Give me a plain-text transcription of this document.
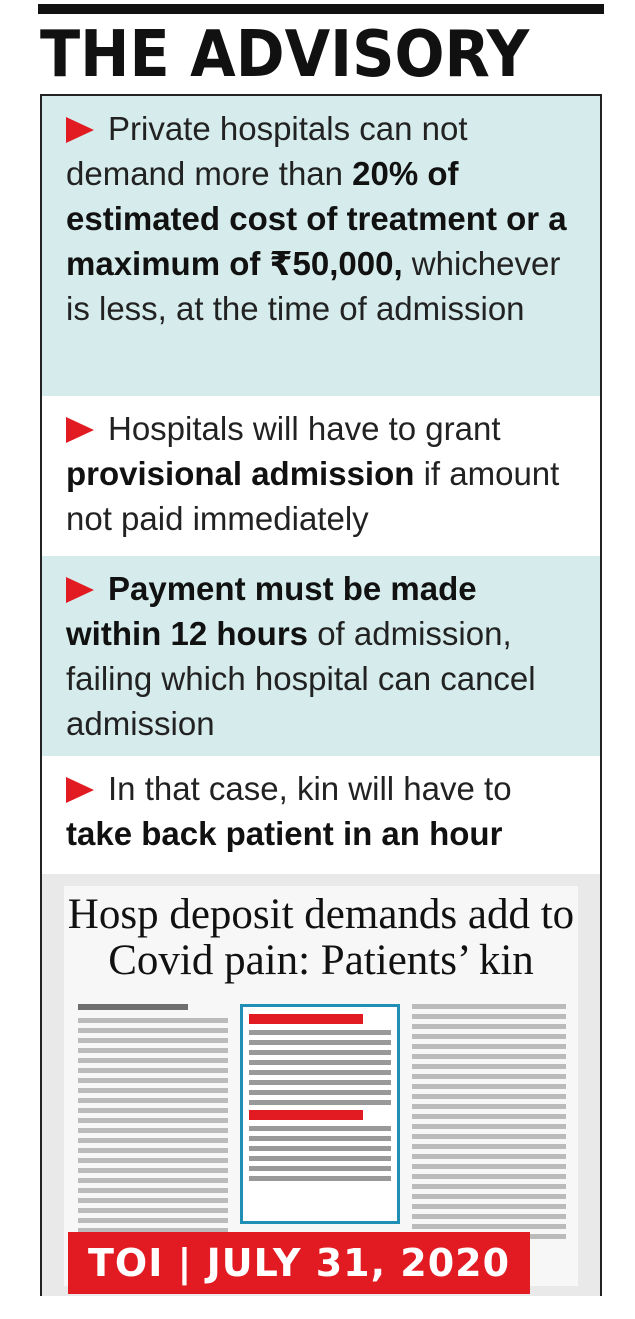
THE ADVISORY
Private hospitals can not demand more than 20% of estimated cost of treatment or a maximum of ₹50,000, whichever is less, at the time of admission
Hospitals will have to grant provisional admission if amount not paid immediately
Payment must be made within 12 hours of admission, failing which hospital can cancel admission
In that case, kin will have to take back patient in an hour
Hosp deposit demands add to Covid pain: Patients’ kin
TOI | JULY 31, 2020
